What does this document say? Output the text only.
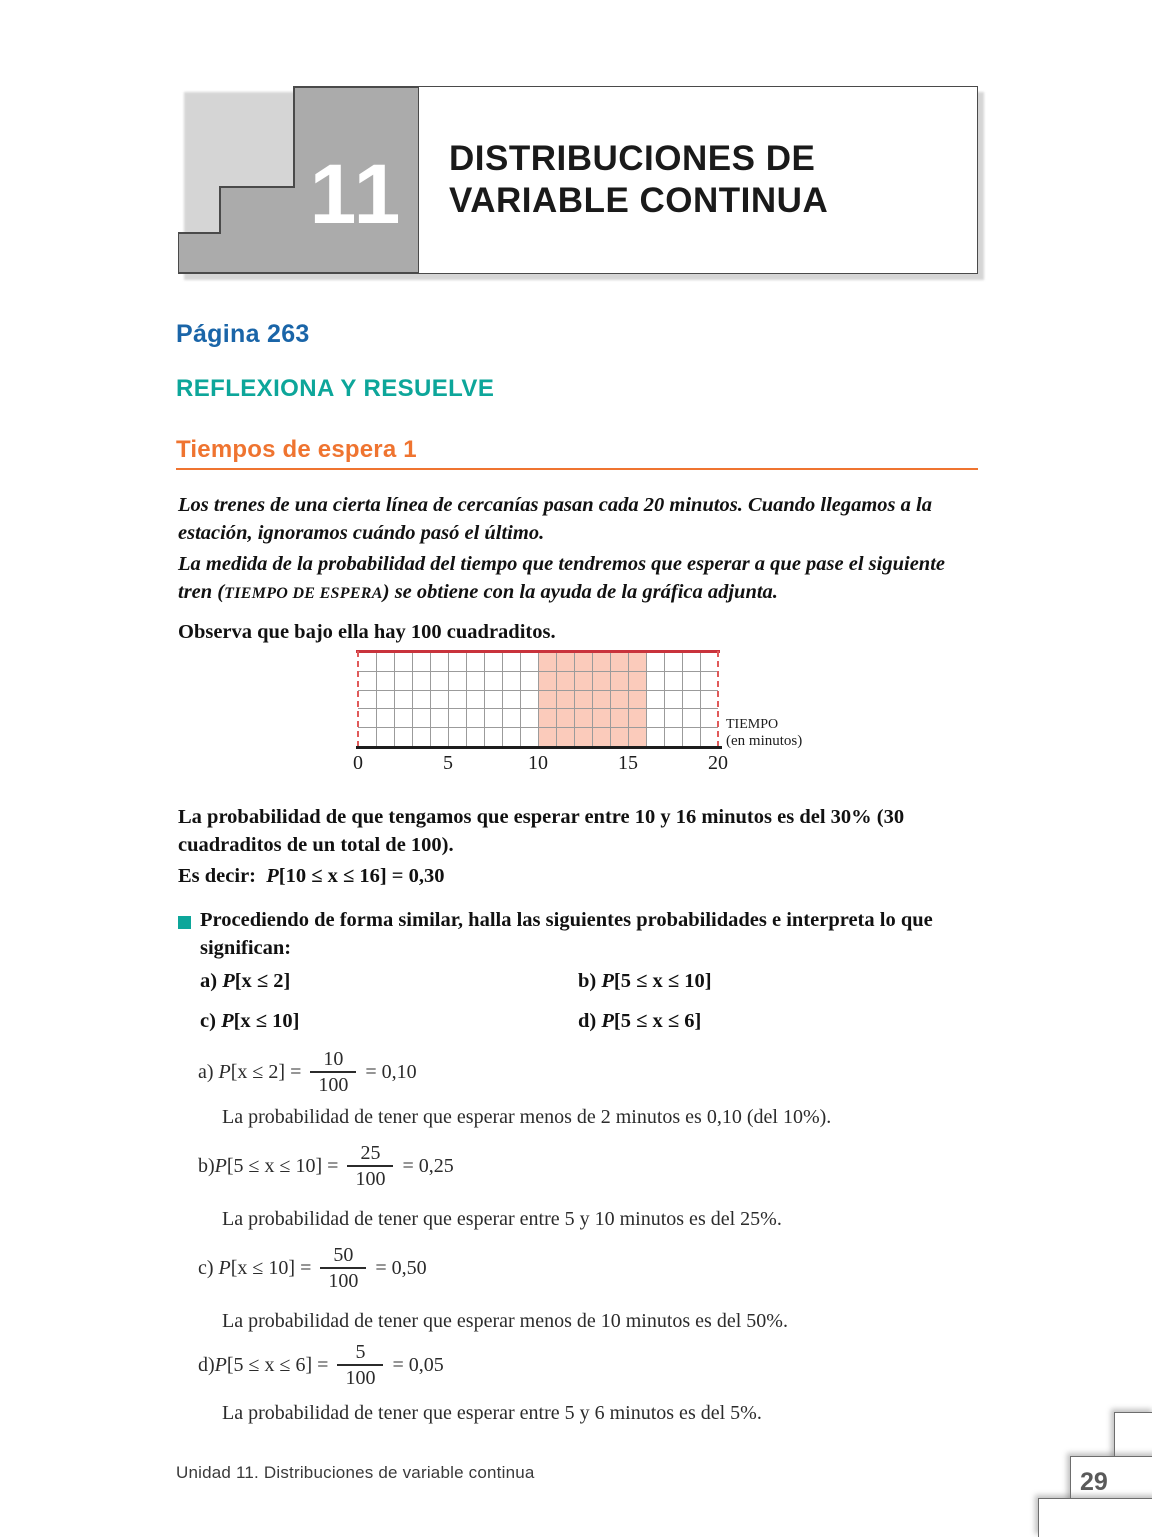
11	DISTRIBUCIONES DE
VARIABLE CONTINUA
Página 263
REFLEXIONA Y RESUELVE
Tiempos de espera 1
Los trenes de una cierta línea de cercanías pasan cada 20 minutos. Cuando llegamos a la estación, ignoramos cuándo pasó el último.
La medida de la probabilidad del tiempo que tendremos que esperar a que pase el siguiente tren (TIEMPO DE ESPERA) se obtiene con la ayuda de la gráfica adjunta.
Observa que bajo ella hay 100 cuadraditos.
0	5	10	15	20
TIEMPO
(en minutos)
La probabilidad de que tengamos que esperar entre 10 y 16 minutos es del 30% (30 cuadraditos de un total de 100).
Es decir: P[10 ≤ x ≤ 16] = 0,30
Procediendo de forma similar, halla las siguientes probabilidades e interpreta lo que significan:
a) P[x ≤ 2]	b) P[5 ≤ x ≤ 10]
c) P[x ≤ 10]	d) P[5 ≤ x ≤ 6]
a)
P [x ≤ 2]
= $\frac{10}{100}$ =
0,10
La probabilidad de tener que esperar menos de 2 minutos es 0,10 (del 10%).
b) P [5 ≤ x ≤ 10]
= $\frac{25}{100}$ =
0,25
La probabilidad de tener que esperar entre 5 y 10 minutos es del 25%.
c)
P [x ≤ 10]
= $\frac{50}{100}$ =
0,50
La probabilidad de tener que esperar menos de 10 minutos es del 50%.
d) P [5 ≤ x ≤ 6]
= $\frac{5}{100}$ =
0,05
La probabilidad de tener que esperar entre 5 y 6 minutos es del 5%.
Unidad 11. Distribuciones de variable continua	29
